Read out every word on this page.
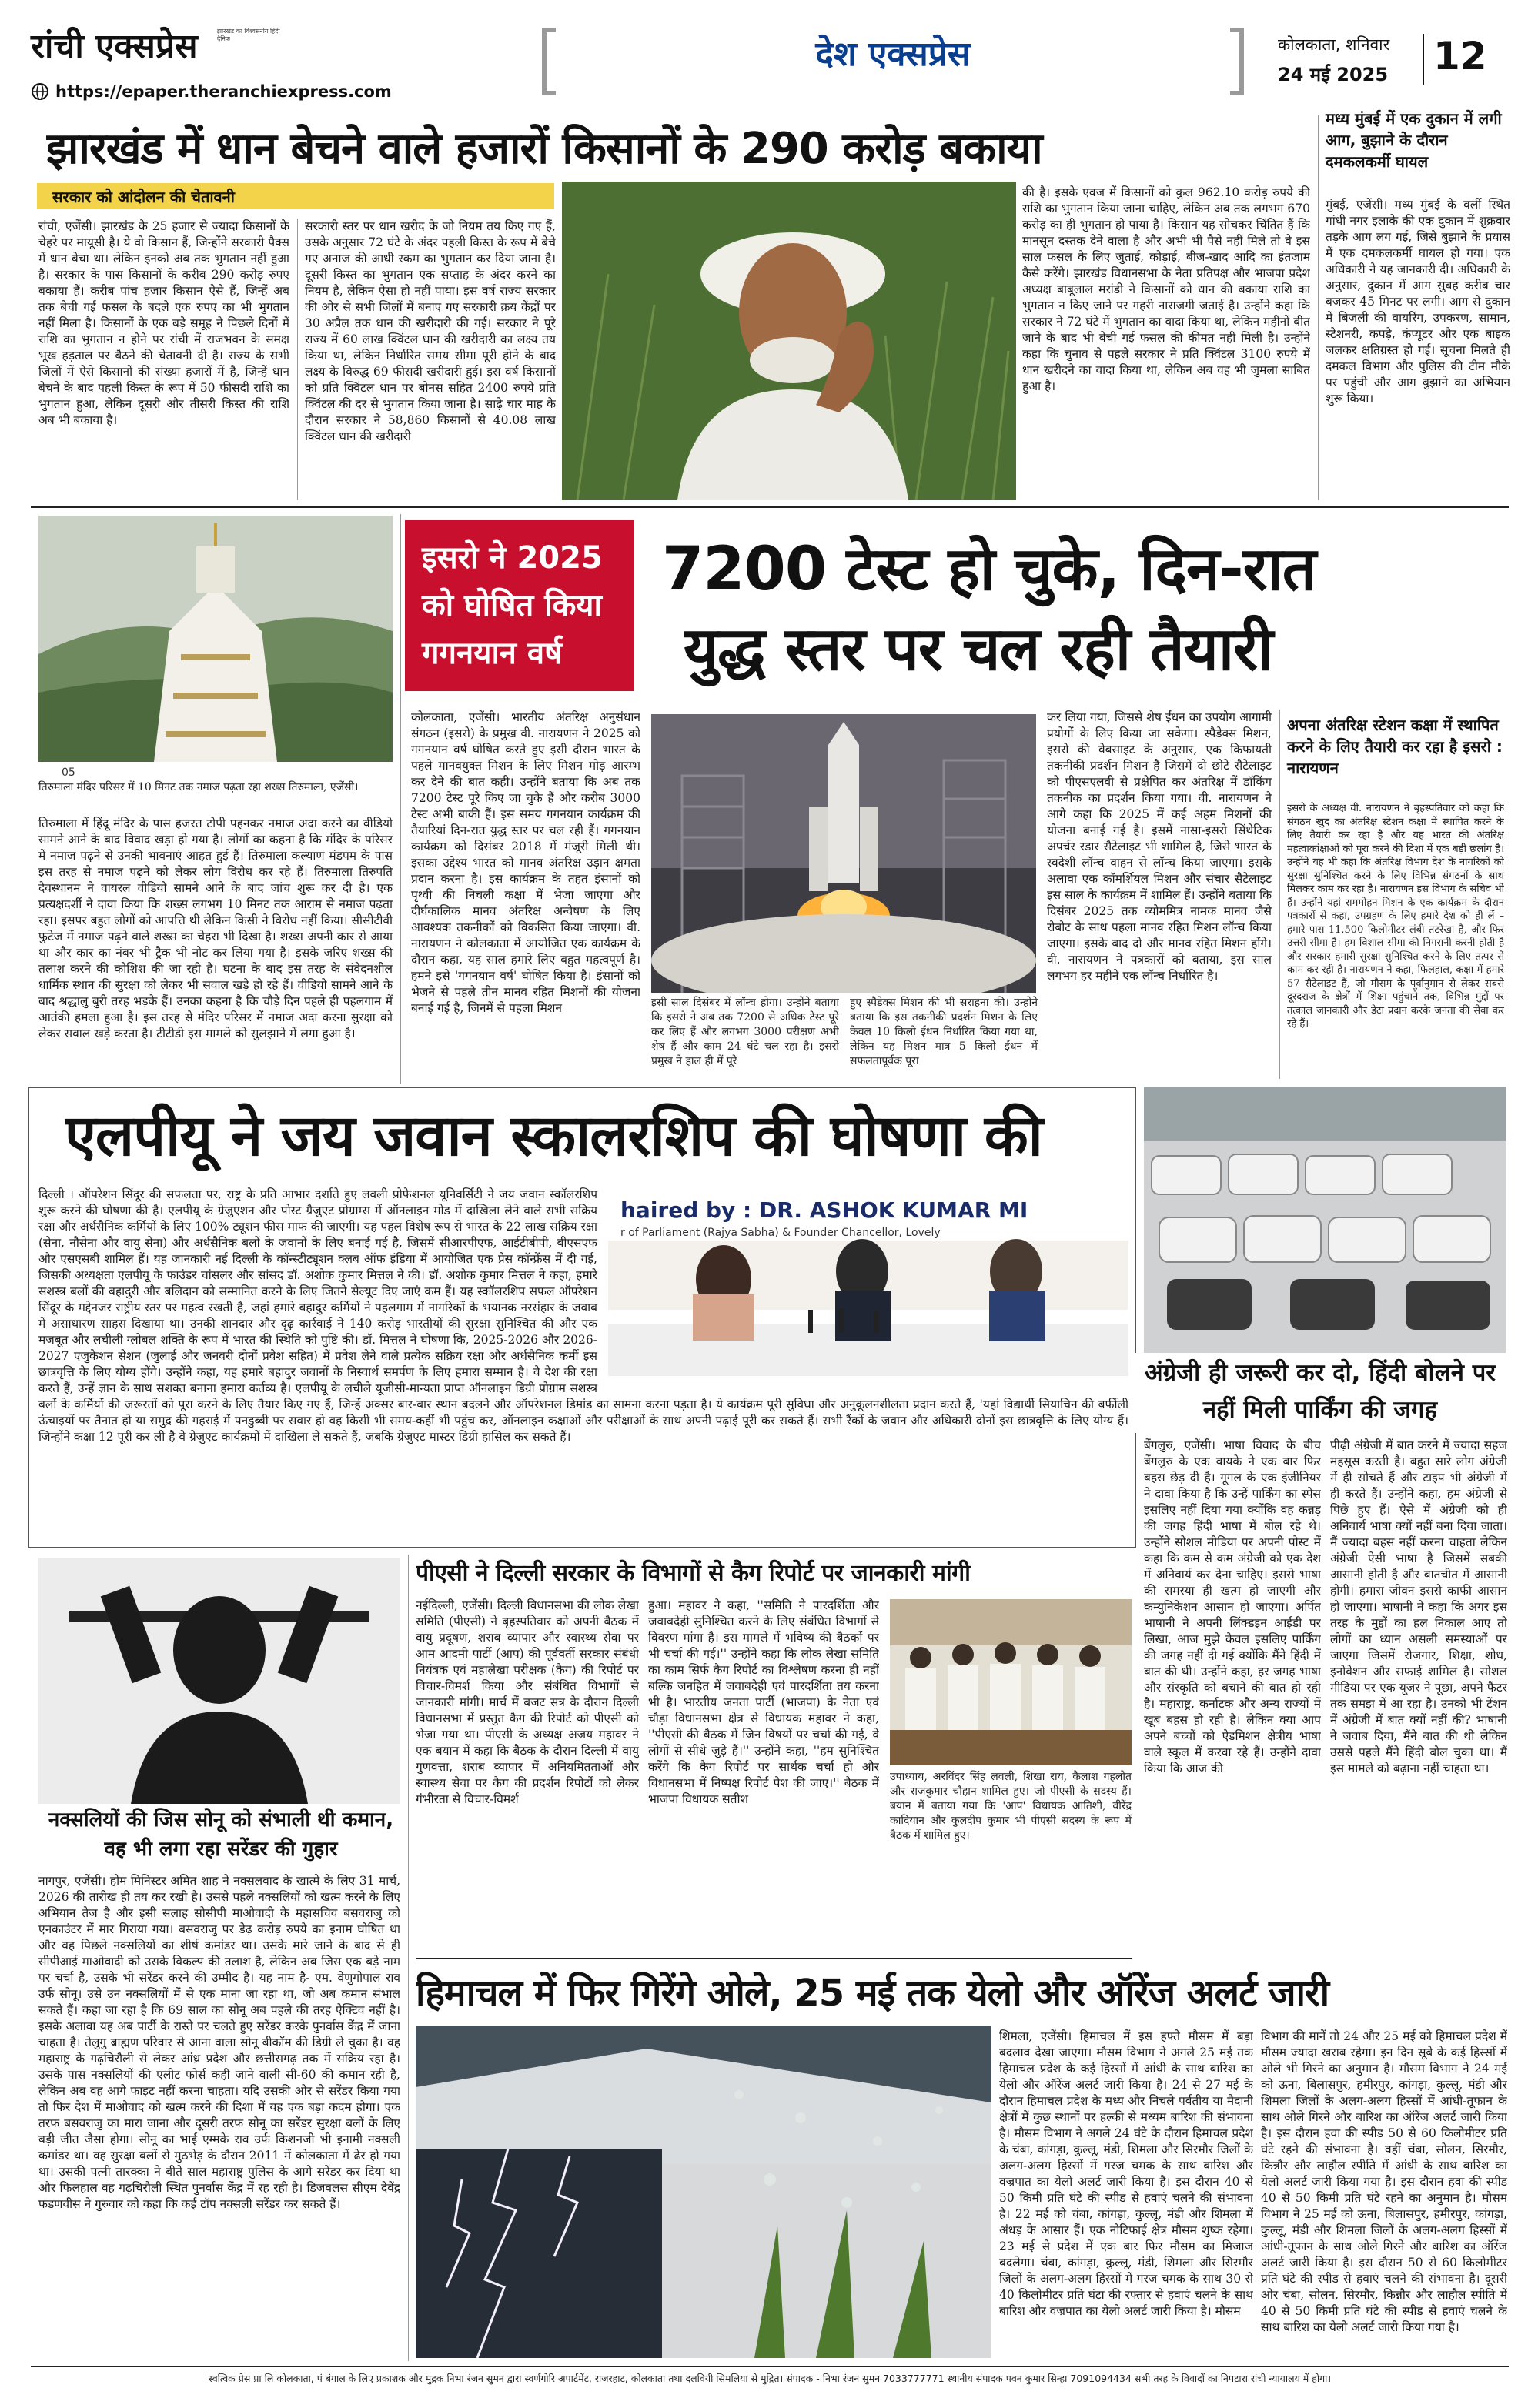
रांची एक्सप्रेस	झारखंड का विश्वसनीय हिंदी दैनिक
https://epaper.theranchiexpress.com
देश एक्सप्रेस	कोलकाता, शनिवार
24 मई 2025	12
झारखंड में धान बेचने वाले हजारों किसानों के 290 करोड़ बकाया
सरकार को आंदोलन की चेतावनी

रांची, एजेंसी। झारखंड के 25 हजार से ज्यादा किसानों के चेहरे पर मायूसी है। ये वो किसान हैं, जिन्होंने सरकारी पैक्स में धान बेचा था। लेकिन इनको अब तक भुगतान नहीं हुआ है। सरकार के पास किसानों के करीब 290 करोड़ रुपए बकाया हैं। करीब पांच हजार किसान ऐसे हैं, जिन्हें अब तक बेची गई फसल के बदले एक रुपए का भी भुगतान नहीं मिला है। किसानों के एक बड़े समूह ने पिछले दिनों में राशि का भुगतान न होने पर रांची में राजभवन के समक्ष भूख हड़ताल पर बैठने की चेतावनी दी है। राज्य के सभी जिलों में ऐसे किसानों की संख्या हजारों में है, जिन्हें धान बेचने के बाद पहली किस्त के रूप में 50 फीसदी राशि का भुगतान हुआ, लेकिन दूसरी और तीसरी किस्त की राशि अब भी बकाया है।

सरकारी स्तर पर धान खरीद के जो नियम तय किए गए हैं, उसके अनुसार 72 घंटे के अंदर पहली किस्त के रूप में बेचे गए अनाज की आधी रकम का भुगतान कर दिया जाना है। दूसरी किस्त का भुगतान एक सप्ताह के अंदर करने का नियम है, लेकिन ऐसा हो नहीं पाया। इस वर्ष राज्य सरकार की ओर से सभी जिलों में बनाए गए सरकारी क्रय केंद्रों पर 30 अप्रैल तक धान की खरीदारी की गई। सरकार ने पूरे राज्य में 60 लाख क्विंटल धान की खरीदारी का लक्ष्य तय किया था, लेकिन निर्धारित समय सीमा पूरी होने के बाद लक्ष्य के विरुद्ध 69 फीसदी खरीदारी हुई। इस वर्ष किसानों को प्रति क्विंटल धान पर बोनस सहित 2400 रुपये प्रति क्विंटल की दर से भुगतान किया जाना है। साढ़े चार माह के दौरान सरकार ने 58,860 किसानों से 40.08 लाख क्विंटल धान की खरीदारी

की है। इसके एवज में किसानों को कुल 962.10 करोड़ रुपये की राशि का भुगतान किया जाना चाहिए, लेकिन अब तक लगभग 670 करोड़ का ही भुगतान हो पाया है। किसान यह सोचकर चिंतित हैं कि मानसून दस्तक देने वाला है और अभी भी पैसे नहीं मिले तो वे इस साल फसल के लिए जुताई, कोड़ाई, बीज-खाद आदि का इंतजाम कैसे करेंगे। झारखंड विधानसभा के नेता प्रतिपक्ष और भाजपा प्रदेश अध्यक्ष बाबूलाल मरांडी ने किसानों को धान की बकाया राशि का भुगतान न किए जाने पर गहरी नाराजगी जताई है। उन्होंने कहा कि सरकार ने 72 घंटे में भुगतान का वादा किया था, लेकिन महीनों बीत जाने के बाद भी बेची गई फसल की कीमत नहीं मिली है। उन्होंने कहा कि चुनाव से पहले सरकार ने प्रति क्विंटल 3100 रुपये में धान खरीदने का वादा किया था, लेकिन अब वह भी जुमला साबित हुआ है।

मध्य मुंबई में एक दुकान में लगी आग, बुझाने के दौरान दमकलकर्मी घायल

मुंबई, एजेंसी। मध्य मुंबई के वर्ली स्थित गांधी नगर इलाके की एक दुकान में शुक्रवार तड़के आग लग गई, जिसे बुझाने के प्रयास में एक दमकलकर्मी घायल हो गया। एक अधिकारी ने यह जानकारी दी। अधिकारी के अनुसार, दुकान में आग सुबह करीब चार बजकर 45 मिनट पर लगी। आग से दुकान में बिजली की वायरिंग, उपकरण, सामान, स्टेशनरी, कपड़े, कंप्यूटर और एक बाइक जलकर क्षतिग्रस्त हो गई। सूचना मिलते ही दमकल विभाग और पुलिस की टीम मौके पर पहुंची और आग बुझाने का अभियान शुरू किया।

05

तिरुमाला मंदिर परिसर में 10 मिनट तक नमाज पढ़ता रहा शख्स तिरुमाला, एजेंसी।

तिरुमाला में हिंदू मंदिर के पास हजरत टोपी पहनकर नमाज अदा करने का वीडियो सामने आने के बाद विवाद खड़ा हो गया है। लोगों का कहना है कि मंदिर के परिसर में नमाज पढ़ने से उनकी भावनाएं आहत हुई हैं। तिरुमाला कल्याण मंडपम के पास इस तरह से नमाज पढ़ने को लेकर लोग विरोध कर रहे हैं। तिरुमाला तिरुपति देवस्थानम ने वायरल वीडियो सामने आने के बाद जांच शुरू कर दी है। एक प्रत्यक्षदर्शी ने दावा किया कि शख्स लगभग 10 मिनट तक आराम से नमाज पढ़ता रहा। इसपर बहुत लोगों को आपत्ति थी लेकिन किसी ने विरोध नहीं किया। सीसीटीवी फुटेज में नमाज पढ़ने वाले शख्स का चेहरा भी दिखा है। शख्स अपनी कार से आया था और कार का नंबर भी ट्रैक भी नोट कर लिया गया है। इसके जरिए शख्स की तलाश करने की कोशिश की जा रही है। घटना के बाद इस तरह के संवेदनशील धार्मिक स्थान की सुरक्षा को लेकर भी सवाल खड़े हो रहे हैं। वीडियो सामने आने के बाद श्रद्धालु बुरी तरह भड़के हैं। उनका कहना है कि चौड़े दिन पहले ही पहलगाम में आतंकी हमला हुआ है। इस तरह से मंदिर परिसर में नमाज अदा करना सुरक्षा को लेकर सवाल खड़े करता है। टीटीडी इस मामले को सुलझाने में लगा हुआ है।

इसरो ने 2025 को घोषित किया गगनयान वर्ष
7200 टेस्ट हो चुके, दिन-रात
युद्ध स्तर पर चल रही तैयारी

कोलकाता, एजेंसी। भारतीय अंतरिक्ष अनुसंधान संगठन (इसरो) के प्रमुख वी. नारायणन ने 2025 को गगनयान वर्ष घोषित करते हुए इसी दौरान भारत के पहले मानवयुक्त मिशन के लिए मिशन मोड़ आरम्भ कर देने की बात कही। उन्होंने बताया कि अब तक 7200 टेस्ट पूरे किए जा चुके हैं और करीब 3000 टेस्ट अभी बाकी हैं। इस समय गगनयान कार्यक्रम की तैयारियां दिन-रात युद्ध स्तर पर चल रही हैं। गगनयान कार्यक्रम को दिसंबर 2018 में मंजूरी मिली थी। इसका उद्देश्य भारत को मानव अंतरिक्ष उड़ान क्षमता प्रदान करना है। इस कार्यक्रम के तहत इंसानों को पृथ्वी की निचली कक्षा में भेजा जाएगा और दीर्घकालिक मानव अंतरिक्ष अन्वेषण के लिए आवश्यक तकनीकों को विकसित किया जाएगा। वी. नारायणन ने कोलकाता में आयोजित एक कार्यक्रम के दौरान कहा, यह साल हमारे लिए बहुत महत्वपूर्ण है। हमने इसे 'गगनयान वर्ष' घोषित किया है। इंसानों को भेजने से पहले तीन मानव रहित मिशनों की योजना बनाई गई है, जिनमें से पहला मिशन	इसी साल दिसंबर में लॉन्च होगा। उन्होंने बताया कि इसरो ने अब तक 7200 से अधिक टेस्ट पूरे कर लिए हैं और लगभग 3000 परीक्षण अभी शेष हैं और काम 24 घंटे चल रहा है। इसरो प्रमुख ने हाल ही में पूरे

हुए स्पैडेक्स मिशन की भी सराहना की। उन्होंने बताया कि इस तकनीकी प्रदर्शन मिशन के लिए केवल 10 किलो ईंधन निर्धारित किया गया था, लेकिन यह मिशन मात्र 5 किलो ईंधन में सफलतापूर्वक पूरा

कर लिया गया, जिससे शेष ईंधन का उपयोग आगामी प्रयोगों के लिए किया जा सकेगा। स्पैडेक्स मिशन, इसरो की वेबसाइट के अनुसार, एक किफायती तकनीकी प्रदर्शन मिशन है जिसमें दो छोटे सैटेलाइट को पीएसएलवी से प्रक्षेपित कर अंतरिक्ष में डॉकिंग तकनीक का प्रदर्शन किया गया। वी. नारायणन ने आगे कहा कि 2025 में कई अहम मिशनों की योजना बनाई गई है। इसमें नासा-इसरो सिंथेटिक अपर्चर रडार सैटेलाइट भी शामिल है, जिसे भारत के स्वदेशी लॉन्च वाहन से लॉन्च किया जाएगा। इसके अलावा एक कॉमर्शियल मिशन और संचार सैटेलाइट इस साल के कार्यक्रम में शामिल हैं। उन्होंने बताया कि दिसंबर 2025 तक व्योममित्र नामक मानव जैसे रोबोट के साथ पहला मानव रहित मिशन लॉन्च किया जाएगा। इसके बाद दो और मानव रहित मिशन होंगे। वी. नारायणन ने पत्रकारों को बताया, इस साल लगभग हर महीने एक लॉन्च निर्धारित है।

अपना अंतरिक्ष स्टेशन कक्षा में स्थापित करने के लिए तैयारी कर रहा है इसरो : नारायणन

इसरो के अध्यक्ष वी. नारायणन ने बृहस्पतिवार को कहा कि संगठन खुद का अंतरिक्ष स्टेशन कक्षा में स्थापित करने के लिए तैयारी कर रहा है और यह भारत की अंतरिक्ष महत्वाकांक्षाओं को पूरा करने की दिशा में एक बड़ी छलांग है। उन्होंने यह भी कहा कि अंतरिक्ष विभाग देश के नागरिकों को सुरक्षा सुनिश्चित करने के लिए विभिन्न संगठनों के साथ मिलकर काम कर रहा है। नारायणन इस विभाग के सचिव भी हैं। उन्होंने यहां राममोहन मिशन के एक कार्यक्रम के दौरान पत्रकारों से कहा, उपग्रहण के लिए हमारे देश को ही लें – हमारे पास 11,500 किलोमीटर लंबी तटरेखा है, और फिर उत्तरी सीमा है। हम विशाल सीमा की निगरानी करनी होती है और सरकार हमारी सुरक्षा सुनिश्चित करने के लिए तत्पर से काम कर रही है। नारायणन ने कहा, फिलहाल, कक्षा में हमारे 57 सैटेलाइट हैं, जो मौसम के पूर्वानुमान से लेकर सबसे दूरदराज के क्षेत्रों में शिक्षा पहुंचाने तक, विभिन्न मुद्दों पर तत्काल जानकारी और डेटा प्रदान करके जनता की सेवा कर रहे हैं।

एलपीयू ने जय जवान स्कालरशिप की घोषणा की

दिल्ली । ऑपरेशन सिंदूर की सफलता पर, राष्ट्र के प्रति आभार दर्शाते हुए लवली प्रोफेशनल यूनिवर्सिटी ने जय जवान स्कॉलरशिप शुरू करने की घोषणा की है। एलपीयू के ग्रेजुएशन और पोस्ट ग्रैजुएट प्रोग्राम्स में ऑनलाइन मोड में दाखिला लेने वाले सभी सक्रिय रक्षा और अर्धसैनिक कर्मियों के लिए 100% ट्यूशन फीस माफ की जाएगी। यह पहल विशेष रूप से भारत के 22 लाख सक्रिय रक्षा (सेना, नौसेना और वायु सेना) और अर्धसैनिक बलों के जवानों के लिए बनाई गई है, जिसमें सीआरपीएफ, आईटीबीपी, बीएसएफ और एसएसबी शामिल हैं। यह जानकारी नई दिल्ली के कॉन्स्टीट्यूशन क्लब ऑफ इंडिया में आयोजित एक प्रेस कॉन्फ्रेंस में दी गई, जिसकी अध्यक्षता एलपीयू के फाउंडर चांसलर और सांसद डॉ. अशोक कुमार मित्तल ने की। डॉ. अशोक कुमार मित्तल ने कहा, हमारे सशस्त्र बलों की बहादुरी और बलिदान को सम्मानित करने के लिए जितने सेल्यूट दिए जाएं कम हैं। यह स्कॉलरशिप सफल ऑपरेशन सिंदूर के मद्देनजर राष्ट्रीय स्तर पर महत्व रखती है, जहां हमारे बहादुर कर्मियों ने पहलगाम में नागरिकों के भयानक नरसंहार के जवाब में असाधारण साहस दिखाया था। उनकी शानदार और दृढ़ कार्रवाई ने 140 करोड़ भारतीयों की सुरक्षा सुनिश्चित की और एक मजबूत और लचीली ग्लोबल शक्ति के रूप में भारत की स्थिति को पुष्टि की। डॉ. मित्तल ने घोषणा कि, 2025-2026 और 2026-2027 एजुकेशन सेशन (जुलाई और जनवरी दोनों प्रवेश सहित) में प्रवेश लेने वाले प्रत्येक सक्रिय रक्षा और अर्धसैनिक कर्मी इस छात्रवृत्ति के लिए योग्य होंगे। उन्होंने कहा, यह हमारे बहादुर जवानों के निस्वार्थ समर्पण के लिए हमारा सम्मान है। वे देश की रक्षा करते हैं, उन्हें ज्ञान के साथ सशक्त बनाना हमारा कर्तव्य है। एलपीयू के लचीले यूजीसी-मान्यता प्राप्त ऑनलाइन डिग्री प्रोग्राम सशस्त्र बलों के कर्मियों की जरूरतों को पूरा करने के लिए तैयार किए गए हैं, जिन्हें अक्सर बार-बार स्थान बदलने और ऑपरेशनल डिमांड का सामना करना पड़ता है। ये कार्यक्रम पूरी सुविधा और अनुकूलनशीलता प्रदान करते हैं, 'यहां विद्यार्थी सियाचिन की बर्फीली ऊंचाइयों पर तैनात हो या समुद्र की गहराई में पनडुब्बी पर सवार हो वह किसी भी समय-कहीं भी पहुंच कर, ऑनलाइन कक्षाओं और परीक्षाओं के साथ अपनी पढ़ाई पूरी कर सकते हैं। सभी रैंकों के जवान और अधिकारी दोनों इस छात्रवृत्ति के लिए योग्य हैं। जिन्होंने कक्षा 12 पूरी कर ली है वे ग्रेजुएट कार्यक्रमों में दाखिला ले सकते हैं, जबकि ग्रेजुएट मास्टर डिग्री हासिल कर सकते हैं।

haired by : DR. ASHOK KUMAR MI
r of Parliament (Rajya Sabha) & Founder Chancellor, Lovely
अंग्रेजी ही जरूरी कर दो, हिंदी बोलने पर नहीं मिली पार्किंग की जगह

बेंगलुरु, एजेंसी। भाषा विवाद के बीच बेंगलुरु के एक वायके ने एक बार फिर बहस छेड़ दी है। गूगल के एक इंजीनियर ने दावा किया है कि उन्हें पार्किंग का स्पेस इसलिए नहीं दिया गया क्योंकि वह कन्नड़ की जगह हिंदी भाषा में बोल रहे थे। उन्होंने सोशल मीडिया पर अपनी पोस्ट में कहा कि कम से कम अंग्रेजी को एक देश में अनिवार्य कर देना चाहिए। इससे भाषा की समस्या ही खत्म हो जाएगी और कम्युनिकेशन आसान हो जाएगा। अर्पित भाषानी ने अपनी लिंक्डइन आईडी पर लिखा, आज मुझे केवल इसलिए पार्किंग की जगह नहीं दी गई क्योंकि मैंने हिंदी में बात की थी। उन्होंने कहा, हर जगह भाषा और संस्कृति को बचाने की बात हो रही है। महाराष्ट्र, कर्नाटक और अन्य राज्यों में खूब बहस हो रही है। लेकिन क्या आप अपने बच्चों को ऐडमिशन क्षेत्रीय भाषा वाले स्कूल में करवा रहे हैं। उन्होंने दावा किया कि आज की

पीढ़ी अंग्रेजी में बात करने में ज्यादा सहज महसूस करती है। बहुत सारे लोग अंग्रेजी में ही सोचते हैं और टाइप भी अंग्रेजी में ही करते हैं। उन्होंने कहा, हम अंग्रेजी से पिछे हुए हैं। ऐसे में अंग्रेजी को ही अनिवार्य भाषा क्यों नहीं बना दिया जाता। मैं ज्यादा बहस नहीं करना चाहता लेकिन अंग्रेजी ऐसी भाषा है जिसमें सबकी आसानी होती है और बातचीत में आसानी होगी। हमारा जीवन इससे काफी आसान हो जाएगा। भाषानी ने कहा कि अगर इस तरह के मुद्दों का हल निकाल आए तो लोगों का ध्यान असली समस्याओं पर जाएगा जिसमें रोजगार, शिक्षा, शोध, इनोवेशन और सफाई शामिल है। सोशल मीडिया पर एक यूजर ने पूछा, अपने फैंटर तक समझ में आ रहा है। उनको भी टेंशन में अंग्रेजी में बात क्यों नहीं की? भाषानी ने जवाब दिया, मैंने बात की थी लेकिन उससे पहले मैंने हिंदी बोल चुका था। मैं इस मामले को बढ़ाना नहीं चाहता था।

नक्सलियों की जिस सोनू को संभाली थी कमान, वह भी लगा रहा सरेंडर की गुहार

नागपुर, एजेंसी। होम मिनिस्टर अमित शाह ने नक्सलवाद के खात्मे के लिए 31 मार्च, 2026 की तारीख ही तय कर रखी है। उससे पहले नक्सलियों को खत्म करने के लिए अभियान तेज है और इसी सलाह सोसीपी माओवादी के महासचिव बसवराजु को एनकाउंटर में मार गिराया गया। बसवराजु पर डेढ़ करोड़ रुपये का इनाम घोषित था और वह पिछले नक्सलियों का शीर्ष कमांडर था। उसके मारे जाने के बाद से ही सीपीआई माओवादी को उसके विकल्प की तलाश है, लेकिन अब जिस एक बड़े नाम पर चर्चा है, उसके भी सरेंडर करने की उम्मीद है। यह नाम है- एम. वेणुगोपाल राव उर्फ सोनू। उसे उन नक्सलियों में से एक माना जा रहा था, जो अब कमान संभाल सकते हैं। कहा जा रहा है कि 69 साल का सोनू अब पहले की तरह ऐक्टिव नहीं है। इसके अलावा यह अब पार्टी के रास्ते पर चलते हुए सरेंडर करके पुनर्वास केंद्र में जाना चाहता है। तेलुगु ब्राह्मण परिवार से आना वाला सोनू बीकॉम की डिग्री ले चुका है। वह महाराष्ट्र के गढ़चिरौली से लेकर आंध्र प्रदेश और छत्तीसगढ़ तक में सक्रिय रहा है। उसके पास नक्सलियों की एलीट फोर्स कही जाने वाली सी-60 की कमान रही है, लेकिन अब वह आगे फाइट नहीं करना चाहता। यदि उसकी ओर से सरेंडर किया गया तो फिर देश में माओवाद को खत्म करने की दिशा में यह एक बड़ा कदम होगा। एक तरफ बसवराजु का मारा जाना और दूसरी तरफ सोनू का सरेंडर सुरक्षा बलों के लिए बड़ी जीत जैसा होगा। सोनू का भाई एम्मके राव उर्फ किशनजी भी इनामी नक्सली कमांडर था। वह सुरक्षा बलों से मुठभेड़ के दौरान 2011 में कोलकाता में ढेर हो गया था। उसकी पत्नी तारक्का ने बीते साल महाराष्ट्र पुलिस के आगे सरेंडर कर दिया था और फिलहाल वह गढ़चिरौली स्थित पुनर्वास केंद्र में रह रही है। डिजवलस सीएम देवेंद्र फडणवीस ने गुरुवार को कहा कि कई टॉप नक्सली सरेंडर कर सकते हैं।

पीएसी ने दिल्ली सरकार के विभागों से कैग रिपोर्ट पर जानकारी मांगी

नईदिल्ली, एजेंसी। दिल्ली विधानसभा की लोक लेखा समिति (पीएसी) ने बृहस्पतिवार को अपनी बैठक में वायु प्रदूषण, शराब व्यापार और स्वास्थ्य सेवा पर आम आदमी पार्टी (आप) की पूर्ववर्ती सरकार संबंधी नियंत्रक एवं महालेखा परीक्षक (कैग) की रिपोर्ट पर विचार-विमर्श किया और संबंधित विभागों से जानकारी मांगी। मार्च में बजट सत्र के दौरान दिल्ली विधानसभा में प्रस्तुत कैग की रिपोर्ट को पीएसी को भेजा गया था। पीएसी के अध्यक्ष अजय महावर ने एक बयान में कहा कि बैठक के दौरान दिल्ली में वायु गुणवत्ता, शराब व्यापार में अनियमितताओं और स्वास्थ्य सेवा पर कैग की प्रदर्शन रिपोर्टों को लेकर गंभीरता से विचार-विमर्श

हुआ। महावर ने कहा, ''समिति ने पारदर्शिता और जवाबदेही सुनिश्चित करने के लिए संबंधित विभागों से विवरण मांगा है। इस मामले में भविष्य की बैठकों पर भी चर्चा की गई।'' उन्होंने कहा कि लोक लेखा समिति का काम सिर्फ कैग रिपोर्ट का विश्लेषण करना ही नहीं बल्कि जनहित में जवाबदेही एवं पारदर्शिता तय करना भी है। भारतीय जनता पार्टी (भाजपा) के नेता एवं चौड़ा विधानसभा क्षेत्र से विधायक महावर ने कहा, ''पीएसी की बैठक में जिन विषयों पर चर्चा की गई, वे लोगों से सीधे जुड़े हैं।'' उन्होंने कहा, ''हम सुनिश्चित करेंगे कि कैग रिपोर्ट पर सार्थक चर्चा हो और विधानसभा में निष्पक्ष रिपोर्ट पेश की जाए।'' बैठक में भाजपा विधायक सतीश

उपाध्याय, अरविंदर सिंह लवली, शिखा राय, कैलाश गहलोत और राजकुमार चौहान शामिल हुए। जो पीएसी के सदस्य हैं। बयान में बताया गया कि 'आप' विधायक आतिशी, वीरेंद्र कादियान और कुलदीप कुमार भी पीएसी सदस्य के रूप में बैठक में शामिल हुए।

हिमाचल में फिर गिरेंगे ओले, 25 मई तक येलो और ऑरेंज अलर्ट जारी

शिमला, एजेंसी। हिमाचल में इस हफ्ते मौसम में बड़ा बदलाव देखा जाएगा। मौसम विभाग ने अगले 25 मई तक हिमाचल प्रदेश के कई हिस्सों में आंधी के साथ बारिश का येलो और ऑरेंज अलर्ट जारी किया है। 24 से 27 मई के दौरान हिमाचल प्रदेश के मध्य और निचले पर्वतीय या मैदानी क्षेत्रों में कुछ स्थानों पर हल्की से मध्यम बारिश की संभावना है। मौसम विभाग ने अगले 24 घंटे के दौरान हिमाचल प्रदेश के चंबा, कांगड़ा, कुल्लू, मंडी, शिमला और सिरमौर जिलों के अलग-अलग हिस्सों में गरज चमक के साथ बारिश और वज्रपात का येलो अलर्ट जारी किया है। इस दौरान 40 से 50 किमी प्रति घंटे की स्पीड से हवाएं चलने की संभावना है। 22 मई को चंबा, कांगड़ा, कुल्लू, मंडी और शिमला में अंधड़ के आसार हैं। एक नोटिफाई क्षेत्र मौसम शुष्क रहेगा। 23 मई से प्रदेश में एक बार फिर मौसम का मिजाज बदलेगा। चंबा, कांगड़ा, कुल्लू, मंडी, शिमला और सिरमौर जिलों के अलग-अलग हिस्सों में गरज चमक के साथ 30 से 40 किलोमीटर प्रति घंटा की रफ्तार से हवाएं चलने के साथ बारिश और वज्रपात का येलो अलर्ट जारी किया है। मौसम

विभाग की मानें तो 24 और 25 मई को हिमाचल प्रदेश में मौसम ज्यादा खराब रहेगा। इन दिन सूबे के कई हिस्सों में ओले भी गिरने का अनुमान है। मौसम विभाग ने 24 मई को ऊना, बिलासपुर, हमीरपुर, कांगड़ा, कुल्लू, मंडी और शिमला जिलों के अलग-अलग हिस्सों में आंधी-तूफान के साथ ओले गिरने और बारिश का ऑरेंज अलर्ट जारी किया है। इस दौरान हवा की स्पीड 50 से 60 किलोमीटर प्रति घंटे रहने की संभावना है। वहीं चंबा, सोलन, सिरमौर, किन्नौर और लाहौल स्पीति में आंधी के साथ बारिश का येलो अलर्ट जारी किया गया है। इस दौरान हवा की स्पीड 40 से 50 किमी प्रति घंटे रहने का अनुमान है। मौसम विभाग ने 25 मई को ऊना, बिलासपुर, हमीरपुर, कांगड़ा, कुल्लू, मंडी और शिमला जिलों के अलग-अलग हिस्सों में आंधी-तूफान के साथ ओले गिरने और बारिश का ऑरेंज अलर्ट जारी किया है। इस दौरान 50 से 60 किलोमीटर प्रति घंटे की स्पीड से हवाएं चलने की संभावना है। दूसरी ओर चंबा, सोलन, सिरमौर, किन्नौर और लाहौल स्पीति में 40 से 50 किमी प्रति घंटे की स्पीड से हवाएं चलने के साथ बारिश का येलो अलर्ट जारी किया गया है।

स्वत्विक प्रेस प्रा लि कोलकाता, पं बंगाल के लिए प्रकाशक और मुद्रक निभा रंजन सुमन द्वारा स्वर्णगोरि अपार्टमेंट, राजरहाट, कोलकाता तथा दलवियी सिमलिया से मुद्रित। संपादक - निभा रंजन सुमन 7033777771 स्थानीय संपादक पवन कुमार सिन्हा 7091094434 सभी तरह के विवादों का निपटारा रांची न्यायालय में होगा।
